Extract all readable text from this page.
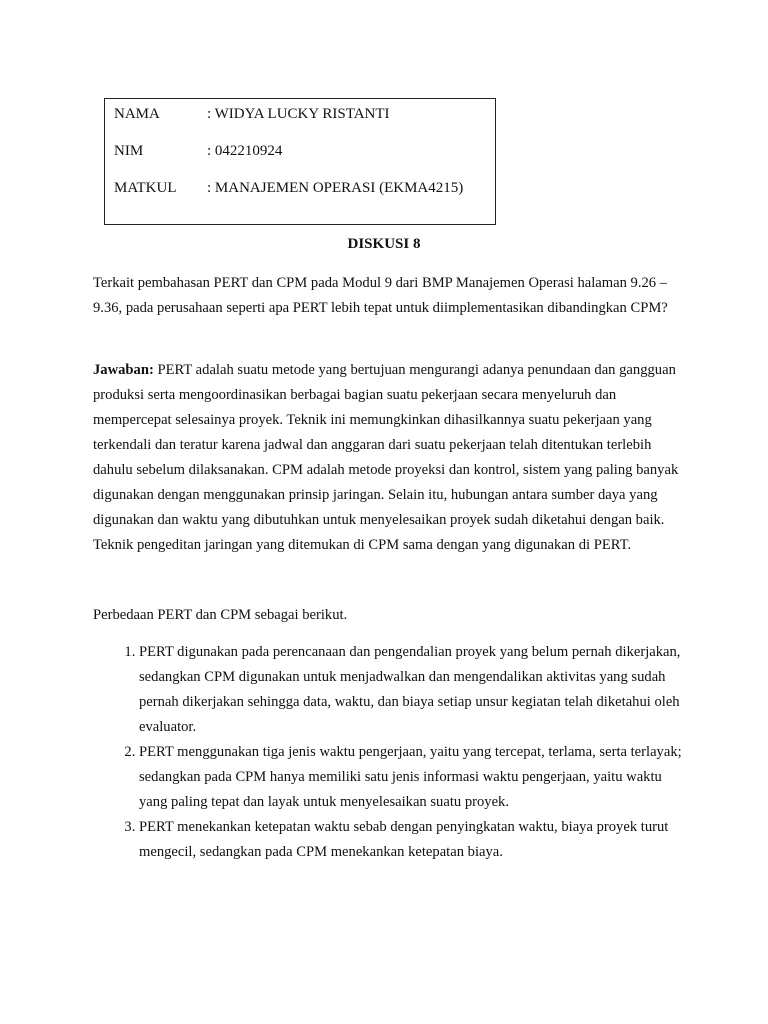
NAMA	: WIDYA LUCKY RISTANTI
NIM	: 042210924
MATKUL : MANAJEMEN OPERASI (EKMA4215)
DISKUSI 8

Terkait pembahasan PERT dan CPM pada Modul 9 dari BMP Manajemen Operasi halaman 9.26 – 9.36, pada perusahaan seperti apa PERT lebih tepat untuk diimplementasikan dibandingkan CPM?

Jawaban: PERT adalah suatu metode yang bertujuan mengurangi adanya penundaan dan gangguan produksi serta mengoordinasikan berbagai bagian suatu pekerjaan secara menyeluruh dan mempercepat selesainya proyek. Teknik ini memungkinkan dihasilkannya suatu pekerjaan yang terkendali dan teratur karena jadwal dan anggaran dari suatu pekerjaan telah ditentukan terlebih dahulu sebelum dilaksanakan. CPM adalah metode proyeksi dan kontrol, sistem yang paling banyak digunakan dengan menggunakan prinsip jaringan. Selain itu, hubungan antara sumber daya yang digunakan dan waktu yang dibutuhkan untuk menyelesaikan proyek sudah diketahui dengan baik. Teknik pengeditan jaringan yang ditemukan di CPM sama dengan yang digunakan di PERT.

Perbedaan PERT dan CPM sebagai berikut.

1. PERT digunakan pada perencanaan dan pengendalian proyek yang belum pernah dikerjakan, sedangkan CPM digunakan untuk menjadwalkan dan mengendalikan aktivitas yang sudah pernah dikerjakan sehingga data, waktu, dan biaya setiap unsur kegiatan telah diketahui oleh evaluator.
2. PERT menggunakan tiga jenis waktu pengerjaan, yaitu yang tercepat, terlama, serta terlayak; sedangkan pada CPM hanya memiliki satu jenis informasi waktu pengerjaan, yaitu waktu yang paling tepat dan layak untuk menyelesaikan suatu proyek.
3. PERT menekankan ketepatan waktu sebab dengan penyingkatan waktu, biaya proyek turut mengecil, sedangkan pada CPM menekankan ketepatan biaya.
